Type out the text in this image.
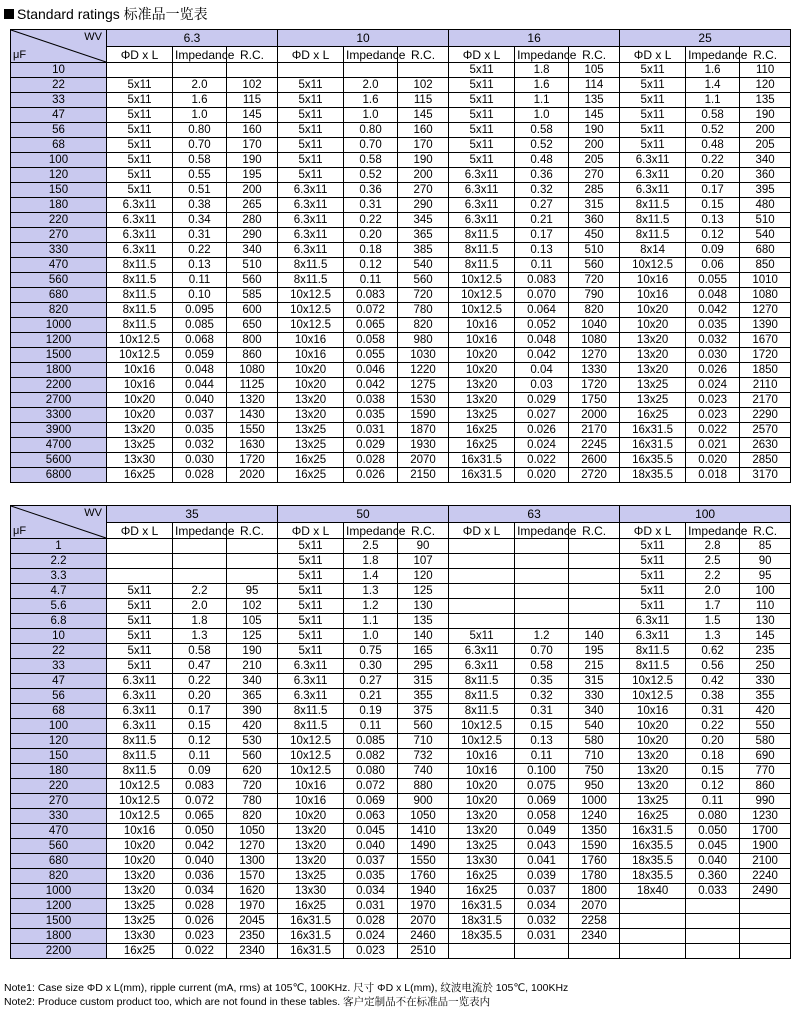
Standard ratings 标准品一览表
WV
μF	6.3			10			16			25		
	ΦD x L	Impedance	R.C.	ΦD x L	Impedance	R.C.	ΦD x L	Impedance	R.C.	ΦD x L	Impedance	R.C.
10							5x11	1.8	105	5x11	1.6	110
22	5x11	2.0	102	5x11	2.0	102	5x11	1.6	114	5x11	1.4	120
33	5x11	1.6	115	5x11	1.6	115	5x11	1.1	135	5x11	1.1	135
47	5x11	1.0	145	5x11	1.0	145	5x11	1.0	145	5x11	0.58	190
56	5x11	0.80	160	5x11	0.80	160	5x11	0.58	190	5x11	0.52	200
68	5x11	0.70	170	5x11	0.70	170	5x11	0.52	200	5x11	0.48	205
100	5x11	0.58	190	5x11	0.58	190	5x11	0.48	205	6.3x11	0.22	340
120	5x11	0.55	195	5x11	0.52	200	6.3x11	0.36	270	6.3x11	0.20	360
150	5x11	0.51	200	6.3x11	0.36	270	6.3x11	0.32	285	6.3x11	0.17	395
180	6.3x11	0.38	265	6.3x11	0.31	290	6.3x11	0.27	315	8x11.5	0.15	480
220	6.3x11	0.34	280	6.3x11	0.22	345	6.3x11	0.21	360	8x11.5	0.13	510
270	6.3x11	0.31	290	6.3x11	0.20	365	8x11.5	0.17	450	8x11.5	0.12	540
330	6.3x11	0.22	340	6.3x11	0.18	385	8x11.5	0.13	510	8x14	0.09	680
470	8x11.5	0.13	510	8x11.5	0.12	540	8x11.5	0.11	560	10x12.5	0.06	850
560	8x11.5	0.11	560	8x11.5	0.11	560	10x12.5	0.083	720	10x16	0.055	1010
680	8x11.5	0.10	585	10x12.5	0.083	720	10x12.5	0.070	790	10x16	0.048	1080
820	8x11.5	0.095	600	10x12.5	0.072	780	10x12.5	0.064	820	10x20	0.042	1270
1000	8x11.5	0.085	650	10x12.5	0.065	820	10x16	0.052	1040	10x20	0.035	1390
1200	10x12.5	0.068	800	10x16	0.058	980	10x16	0.048	1080	13x20	0.032	1670
1500	10x12.5	0.059	860	10x16	0.055	1030	10x20	0.042	1270	13x20	0.030	1720
1800	10x16	0.048	1080	10x20	0.046	1220	10x20	0.04	1330	13x20	0.026	1850
2200	10x16	0.044	1125	10x20	0.042	1275	13x20	0.03	1720	13x25	0.024	2110
2700	10x20	0.040	1320	13x20	0.038	1530	13x20	0.029	1750	13x25	0.023	2170
3300	10x20	0.037	1430	13x20	0.035	1590	13x25	0.027	2000	16x25	0.023	2290
3900	13x20	0.035	1550	13x25	0.031	1870	16x25	0.026	2170	16x31.5	0.022	2570
4700	13x25	0.032	1630	13x25	0.029	1930	16x25	0.024	2245	16x31.5	0.021	2630
5600	13x30	0.030	1720	16x25	0.028	2070	16x31.5	0.022	2600	16x35.5	0.020	2850
6800	16x25	0.028	2020	16x25	0.026	2150	16x31.5	0.020	2720	18x35.5	0.018	3170
WV
μF	35			50			63			100		
	ΦD x L	Impedance	R.C.	ΦD x L	Impedance	R.C.	ΦD x L	Impedance	R.C.	ΦD x L	Impedance	R.C.
1				5x11	2.5	90				5x11	2.8	85
2.2				5x11	1.8	107				5x11	2.5	90
3.3				5x11	1.4	120				5x11	2.2	95
4.7	5x11	2.2	95	5x11	1.3	125				5x11	2.0	100
5.6	5x11	2.0	102	5x11	1.2	130				5x11	1.7	110
6.8	5x11	1.8	105	5x11	1.1	135				6.3x11	1.5	130
10	5x11	1.3	125	5x11	1.0	140	5x11	1.2	140	6.3x11	1.3	145
22	5x11	0.58	190	5x11	0.75	165	6.3x11	0.70	195	8x11.5	0.62	235
33	5x11	0.47	210	6.3x11	0.30	295	6.3x11	0.58	215	8x11.5	0.56	250
47	6.3x11	0.22	340	6.3x11	0.27	315	8x11.5	0.35	315	10x12.5	0.42	330
56	6.3x11	0.20	365	6.3x11	0.21	355	8x11.5	0.32	330	10x12.5	0.38	355
68	6.3x11	0.17	390	8x11.5	0.19	375	8x11.5	0.31	340	10x16	0.31	420
100	6.3x11	0.15	420	8x11.5	0.11	560	10x12.5	0.15	540	10x20	0.22	550
120	8x11.5	0.12	530	10x12.5	0.085	710	10x12.5	0.13	580	10x20	0.20	580
150	8x11.5	0.11	560	10x12.5	0.082	732	10x16	0.11	710	13x20	0.18	690
180	8x11.5	0.09	620	10x12.5	0.080	740	10x16	0.100	750	13x20	0.15	770
220	10x12.5	0.083	720	10x16	0.072	880	10x20	0.075	950	13x20	0.12	860
270	10x12.5	0.072	780	10x16	0.069	900	10x20	0.069	1000	13x25	0.11	990
330	10x12.5	0.065	820	10x20	0.063	1050	13x20	0.058	1240	16x25	0.080	1230
470	10x16	0.050	1050	13x20	0.045	1410	13x20	0.049	1350	16x31.5	0.050	1700
560	10x20	0.042	1270	13x20	0.040	1490	13x25	0.043	1590	16x35.5	0.045	1900
680	10x20	0.040	1300	13x20	0.037	1550	13x30	0.041	1760	18x35.5	0.040	2100
820	13x20	0.036	1570	13x25	0.035	1760	16x25	0.039	1780	18x35.5	0.360	2240
1000	13x20	0.034	1620	13x30	0.034	1940	16x25	0.037	1800	18x40	0.033	2490
1200	13x25	0.028	1970	16x25	0.031	1970	16x31.5	0.034	2070			
1500	13x25	0.026	2045	16x31.5	0.028	2070	18x31.5	0.032	2258			
1800	13x30	0.023	2350	16x31.5	0.024	2460	18x35.5	0.031	2340			
2200	16x25	0.022	2340	16x31.5	0.023	2510						
Note1: Case size ΦD x L(mm), ripple current (mA, rms) at 105℃, 100KHz. 尺寸 ΦD x L(mm), 纹波电流於 105℃, 100KHz
Note2: Produce custom product too, which are not found in these tables. 客户定制品不在标准品一览表内
